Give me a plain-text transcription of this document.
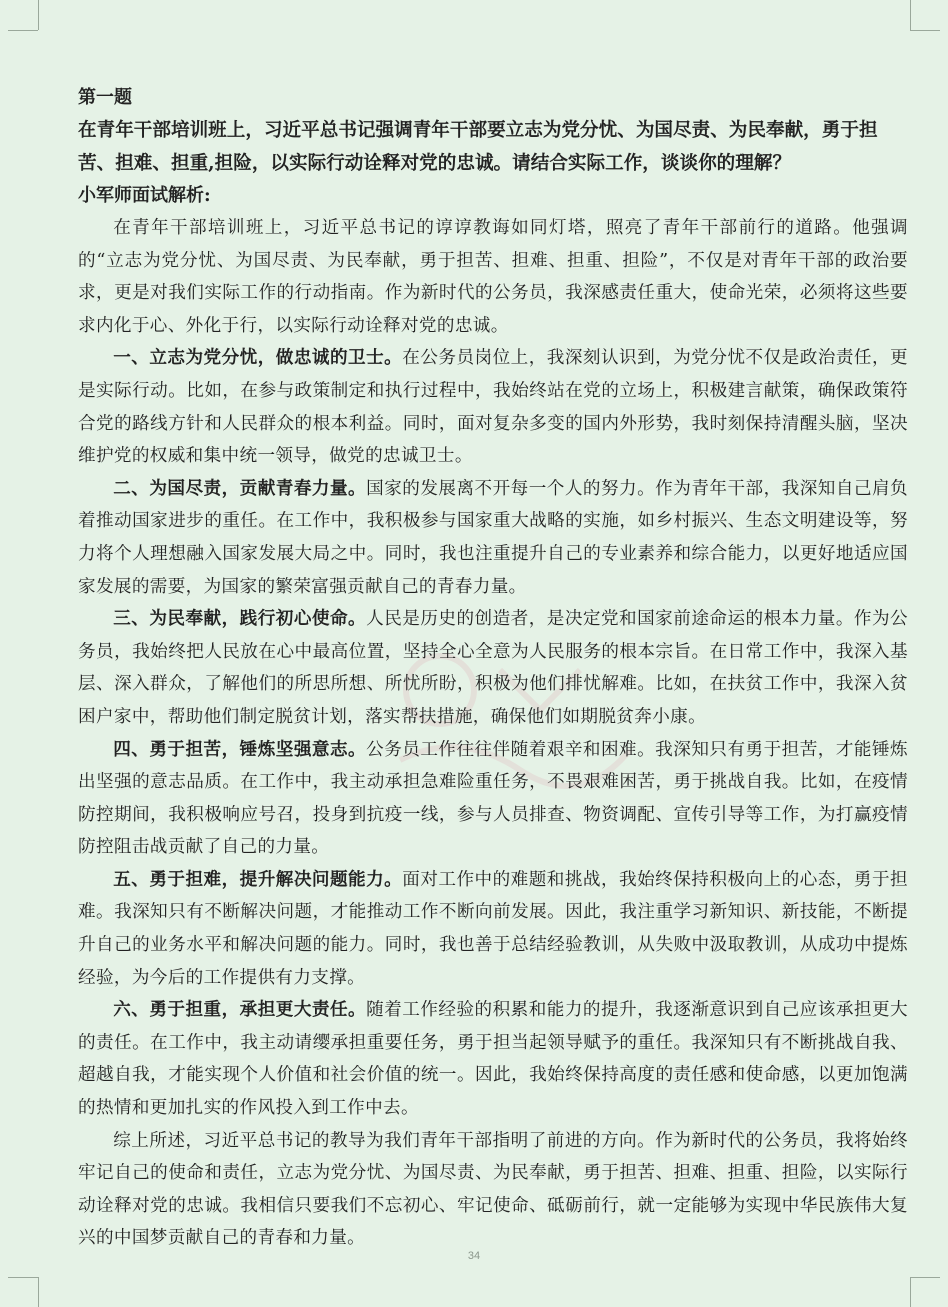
第一题

在青年干部培训班上，习近平总书记强调青年干部要立志为党分忧、为国尽责、为民奉献，勇于担苦、担难、担重,担险，以实际行动诠释对党的忠诚。请结合实际工作，谈谈你的理解？

小军师面试解析:

在青年干部培训班上，习近平总书记的谆谆教诲如同灯塔，照亮了青年干部前行的道路。他强调的“立志为党分忧、为国尽责、为民奉献，勇于担苦、担难、担重、担险”，不仅是对青年干部的政治要求，更是对我们实际工作的行动指南。作为新时代的公务员，我深感责任重大，使命光荣，必须将这些要求内化于心、外化于行，以实际行动诠释对党的忠诚。

一、立志为党分忧，做忠诚的卫士。在公务员岗位上，我深刻认识到，为党分忧不仅是政治责任，更是实际行动。比如，在参与政策制定和执行过程中，我始终站在党的立场上，积极建言献策，确保政策符合党的路线方针和人民群众的根本利益。同时，面对复杂多变的国内外形势，我时刻保持清醒头脑，坚决维护党的权威和集中统一领导，做党的忠诚卫士。

二、为国尽责，贡献青春力量。国家的发展离不开每一个人的努力。作为青年干部，我深知自己肩负着推动国家进步的重任。在工作中，我积极参与国家重大战略的实施，如乡村振兴、生态文明建设等，努力将个人理想融入国家发展大局之中。同时，我也注重提升自己的专业素养和综合能力，以更好地适应国家发展的需要，为国家的繁荣富强贡献自己的青春力量。

三、为民奉献，践行初心使命。人民是历史的创造者，是决定党和国家前途命运的根本力量。作为公务员，我始终把人民放在心中最高位置，坚持全心全意为人民服务的根本宗旨。在日常工作中，我深入基层、深入群众，了解他们的所思所想、所忧所盼，积极为他们排忧解难。比如，在扶贫工作中，我深入贫困户家中，帮助他们制定脱贫计划，落实帮扶措施，确保他们如期脱贫奔小康。

四、勇于担苦，锤炼坚强意志。公务员工作往往伴随着艰辛和困难。我深知只有勇于担苦，才能锤炼出坚强的意志品质。在工作中，我主动承担急难险重任务，不畏艰难困苦，勇于挑战自我。比如，在疫情防控期间，我积极响应号召，投身到抗疫一线，参与人员排查、物资调配、宣传引导等工作，为打赢疫情防控阻击战贡献了自己的力量。

五、勇于担难，提升解决问题能力。面对工作中的难题和挑战，我始终保持积极向上的心态，勇于担难。我深知只有不断解决问题，才能推动工作不断向前发展。因此，我注重学习新知识、新技能，不断提升自己的业务水平和解决问题的能力。同时，我也善于总结经验教训，从失败中汲取教训，从成功中提炼经验，为今后的工作提供有力支撑。

六、勇于担重，承担更大责任。随着工作经验的积累和能力的提升，我逐渐意识到自己应该承担更大的责任。在工作中，我主动请缨承担重要任务，勇于担当起领导赋予的重任。我深知只有不断挑战自我、超越自我，才能实现个人价值和社会价值的统一。因此，我始终保持高度的责任感和使命感，以更加饱满的热情和更加扎实的作风投入到工作中去。

综上所述，习近平总书记的教导为我们青年干部指明了前进的方向。作为新时代的公务员，我将始终牢记自己的使命和责任，立志为党分忧、为国尽责、为民奉献，勇于担苦、担难、担重、担险，以实际行动诠释对党的忠诚。我相信只要我们不忘初心、牢记使命、砥砺前行，就一定能够为实现中华民族伟大复兴的中国梦贡献自己的青春和力量。

34
